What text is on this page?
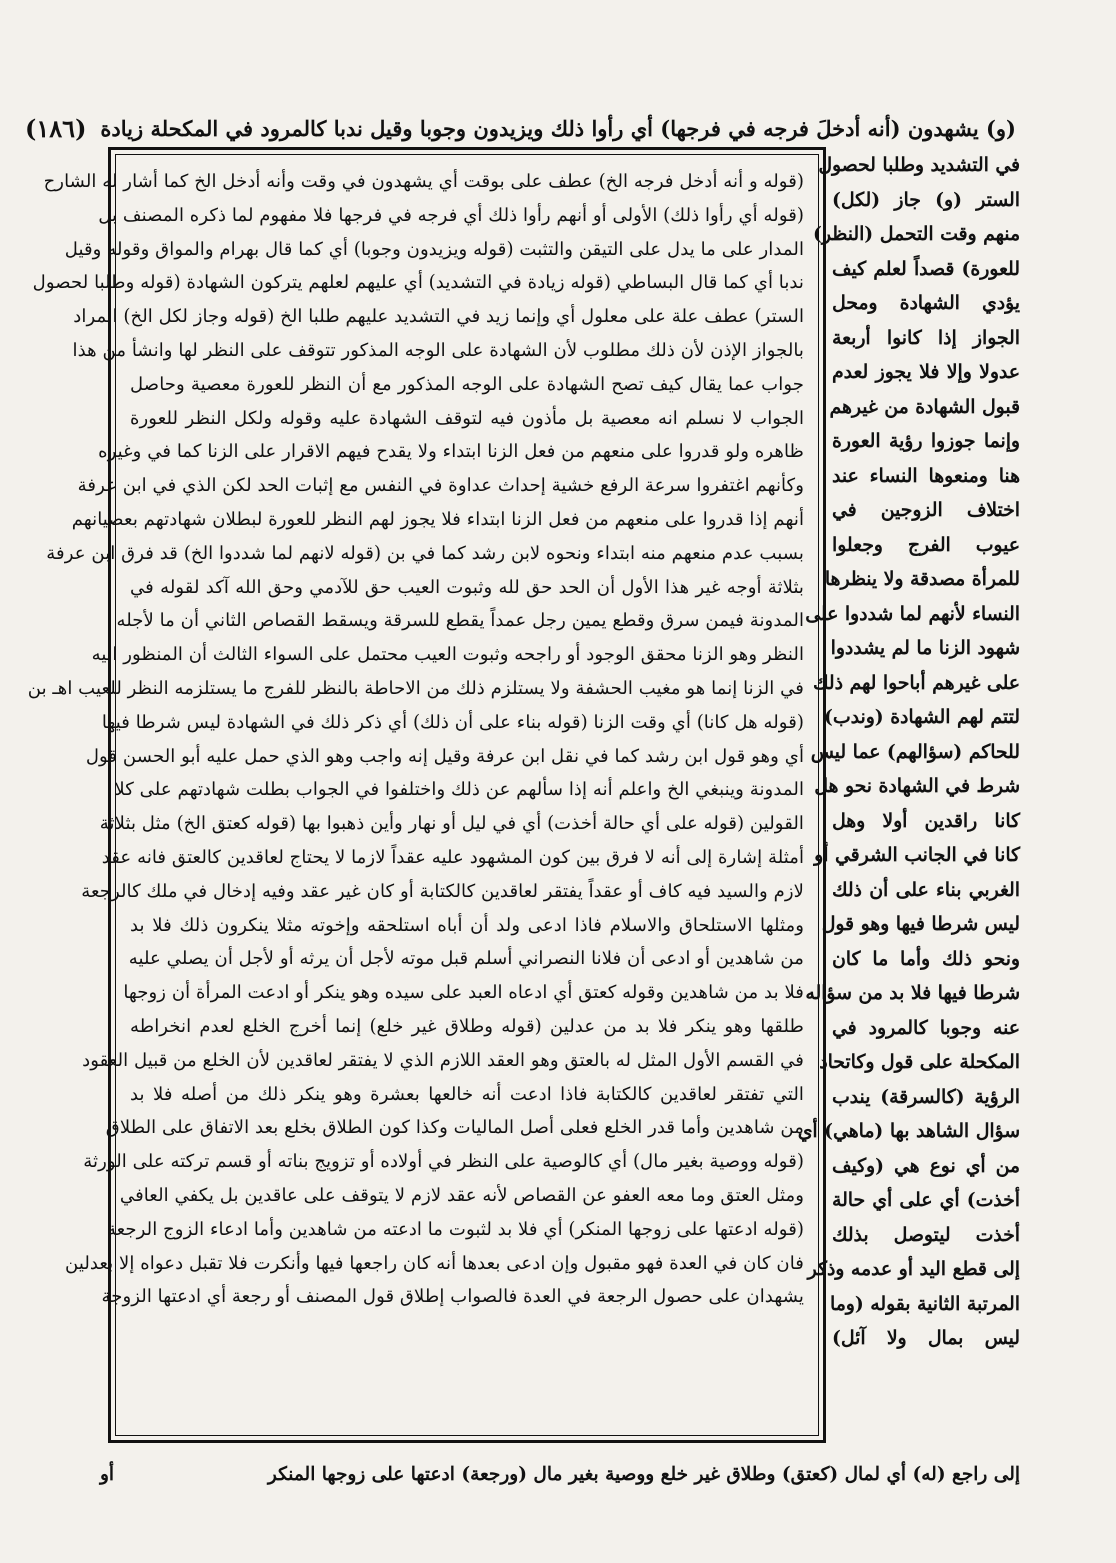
(و) يشهدون (أنه أدخلَ فرجه في فرجها) أي رأوا ذلك ويزيدون وجوبا وقيل ندبا كالمرود في المكحلة زيادة
(١٨٦)
(قوله و أنه أدخل فرجه الخ) عطف على بوقت أي يشهدون في وقت وأنه أدخل الخ كما أشار له الشارح
(قوله أي رأوا ذلك) الأولى أو أنهم رأوا ذلك أي فرجه في فرجها فلا مفهوم لما ذكره المصنف بل
المدار على ما يدل على التيقن والتثبت (قوله ويزيدون وجوبا) أي كما قال بهرام والمواق وقوله وقيل
ندبا أي كما قال البساطي (قوله زيادة في التشديد) أي عليهم لعلهم يتركون الشهادة (قوله وطلبا لحصول
الستر) عطف علة على معلول أي وإنما زيد في التشديد عليهم طلبا الخ (قوله وجاز لكل الخ) المراد
بالجواز الإذن لأن ذلك مطلوب لأن الشهادة على الوجه المذكور تتوقف على النظر لها وانشأ من هذا
جواب عما يقال كيف تصح الشهادة على الوجه المذكور مع أن النظر للعورة معصية وحاصل
الجواب لا نسلم انه معصية بل مأذون فيه لتوقف الشهادة عليه وقوله ولكل النظر للعورة
ظاهره ولو قدروا على منعهم من فعل الزنا ابتداء ولا يقدح فيهم الاقرار على الزنا كما في وغيره
وكأنهم اغتفروا سرعة الرفع خشية إحداث عداوة في النفس مع إثبات الحد لكن الذي في ابن عرفة
أنهم إذا قدروا على منعهم من فعل الزنا ابتداء فلا يجوز لهم النظر للعورة لبطلان شهادتهم بعصيانهم
بسبب عدم منعهم منه ابتداء ونحوه لابن رشد كما في بن (قوله لانهم لما شددوا الخ) قد فرق ابن عرفة
بثلاثة أوجه غير هذا الأول أن الحد حق لله وثبوت العيب حق للآدمي وحق الله آكد لقوله في
المدونة فيمن سرق وقطع يمين رجل عمداً يقطع للسرقة ويسقط القصاص الثاني أن ما لأجله
النظر وهو الزنا محقق الوجود أو راجحه وثبوت العيب محتمل على السواء الثالث أن المنظور اليه
في الزنا إنما هو مغيب الحشفة ولا يستلزم ذلك من الاحاطة بالنظر للفرج ما يستلزمه النظر للعيب اهـ بن
(قوله هل كانا) أي وقت الزنا (قوله بناء على أن ذلك) أي ذكر ذلك في الشهادة ليس شرطا فيها
أي وهو قول ابن رشد كما في نقل ابن عرفة وقيل إنه واجب وهو الذي حمل عليه أبو الحسن قول
المدونة وينبغي الخ واعلم أنه إذا سألهم عن ذلك واختلفوا في الجواب بطلت شهادتهم على كلا
القولين (قوله على أي حالة أخذت) أي في ليل أو نهار وأين ذهبوا بها (قوله كعتق الخ) مثل بثلاثة
أمثلة إشارة إلى أنه لا فرق بين كون المشهود عليه عقداً لازما لا يحتاج لعاقدين كالعتق فانه عقد
لازم والسيد فيه كاف أو عقداً يفتقر لعاقدين كالكتابة أو كان غير عقد وفيه إدخال في ملك كالرجعة
ومثلها الاستلحاق والاسلام فاذا ادعى ولد أن أباه استلحقه وإخوته مثلا ينكرون ذلك فلا بد
من شاهدين أو ادعى أن فلانا النصراني أسلم قبل موته لأجل أن يرثه أو لأجل أن يصلي عليه
فلا بد من شاهدين وقوله كعتق أي ادعاه العبد على سيده وهو ينكر أو ادعت المرأة أن زوجها
طلقها وهو ينكر فلا بد من عدلين (قوله وطلاق غير خلع) إنما أخرج الخلع لعدم انخراطه
في القسم الأول المثل له بالعتق وهو العقد اللازم الذي لا يفتقر لعاقدين لأن الخلع من قبيل العقود
التي تفتقر لعاقدين كالكتابة فاذا ادعت أنه خالعها بعشرة وهو ينكر ذلك من أصله فلا بد
من شاهدين وأما قدر الخلع فعلى أصل الماليات وكذا كون الطلاق بخلع بعد الاتفاق على الطلاق
(قوله ووصية بغير مال) أي كالوصية على النظر في أولاده أو تزويج بناته أو قسم تركته على الورثة
ومثل العتق وما معه العفو عن القصاص لأنه عقد لازم لا يتوقف على عاقدين بل يكفي العافي
(قوله ادعتها على زوجها المنكر) أي فلا بد لثبوت ما ادعته من شاهدين وأما ادعاء الزوج الرجعة
فان كان في العدة فهو مقبول وإن ادعى بعدها أنه كان راجعها فيها وأنكرت فلا تقبل دعواه إلا بعدلين
يشهدان على حصول الرجعة في العدة فالصواب إطلاق قول المصنف أو رجعة أي ادعتها الزوجة
في التشديد وطلبا لحصول
الستر (و) جاز (لكل)
منهم وقت التحمل (النظر)
للعورة) قصداً لعلم كيف
يؤدي الشهادة ومحل
الجواز إذا كانوا أربعة
عدولا وإلا فلا يجوز لعدم
قبول الشهادة من غيرهم
وإنما جوزوا رؤية العورة
هنا ومنعوها النساء عند
اختلاف الزوجين في
عيوب الفرج وجعلوا
للمرأة مصدقة ولا ينظرها
النساء لأنهم لما شددوا على
شهود الزنا ما لم يشددوا
على غيرهم أباحوا لهم ذلك
لتتم لهم الشهادة (وندب)
للحاكم (سؤالهم) عما ليس
شرط في الشهادة نحو هل
كانا راقدين أولا وهل
كانا في الجانب الشرقي أو
الغربي بناء على أن ذلك
ليس شرطا فيها وهو قول
ونحو ذلك وأما ما كان
شرطا فيها فلا بد من سؤاله
عنه وجوبا كالمرود في
المكحلة على قول وكاتحاد
الرؤية (كالسرقة) يندب
سؤال الشاهد بها (ماهي) أي
من أي نوع هي (وكيف
أخذت) أي على أي حالة
أخذت ليتوصل بذلك
إلى قطع اليد أو عدمه وذكر
المرتبة الثانية بقوله (وما
ليس بمال ولا آئل)
إلى راجع (له) أي لمال (كعتق) وطلاق غير خلع ووصية بغير مال (ورجعة) ادعتها على زوجها المنكر
أو
